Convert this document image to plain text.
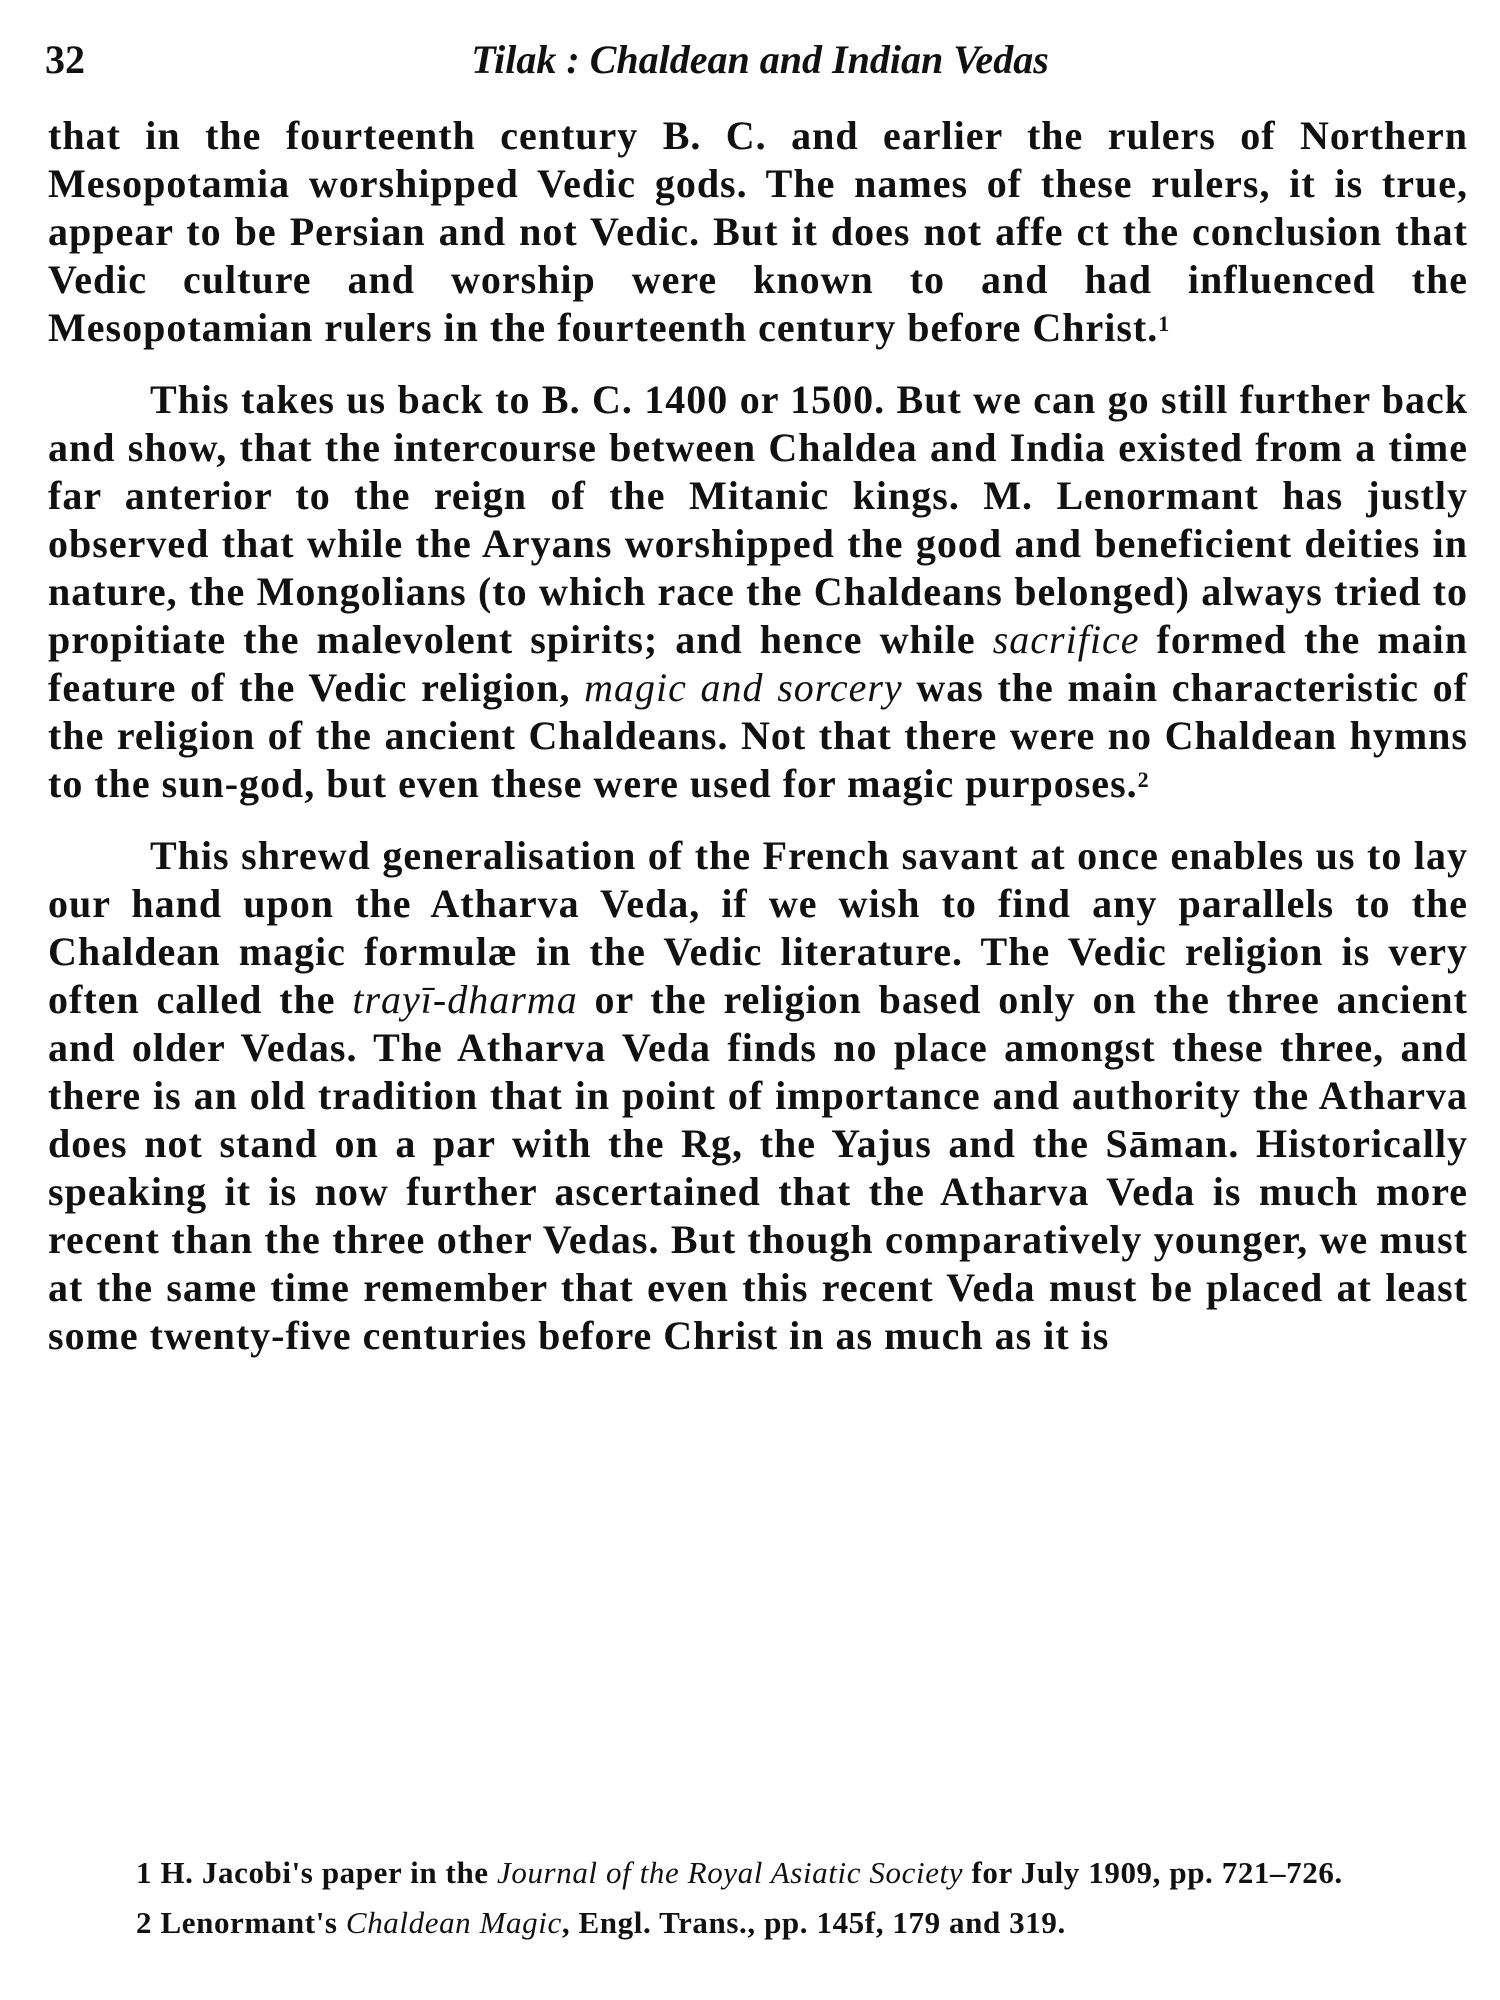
32	Tilak : Chaldean and Indian Vedas

that in the fourteenth century B. C. and earlier the rulers of Northern Mesopotamia worshipped Vedic gods. The names of these rulers, it is true, appear to be Persian and not Vedic. But it does not affe ct the conclusion that Vedic culture and worship were known to and had influenced the Mesopotamian rulers in the fourteenth century before Christ.$^1$

This takes us back to B. C. 1400 or 1500. But we can go still further back and show, that the intercourse between Chaldea and India existed from a time far anterior to the reign of the Mitanic kings. M. Lenormant has justly observed that while the Aryans worshipped the good and beneficient deities in nature, the Mongolians (to which race the Chaldeans belonged) always tried to propitiate the malevolent spirits; and hence while sacrifice formed the main feature of the Vedic religion, magic and sorcery was the main characteristic of the religion of the ancient Chaldeans. Not that there were no Chaldean hymns to the sun-god, but even these were used for magic purposes.$^2$

This shrewd generalisation of the French savant at once enables us to lay our hand upon the Atharva Veda, if we wish to find any parallels to the Chaldean magic formulæ in the Vedic literature. The Vedic religion is very often called the trayī-dharma or the religion based only on the three ancient and older Vedas. The Atharva Veda finds no place amongst these three, and there is an old tradition that in point of importance and authority the Atharva does not stand on a par with the Rg, the Yajus and the Sāman. Historically speaking it is now further ascertained that the Atharva Veda is much more recent than the three other Vedas. But though comparatively younger, we must at the same time remember that even this recent Veda must be placed at least some twenty-five centuries before Christ in as much as it is

1 H. Jacobi's paper in the Journal of the Royal Asiatic Society for July 1909, pp. 721–726.

2 Lenormant's Chaldean Magic, Engl. Trans., pp. 145f, 179 and 319.
